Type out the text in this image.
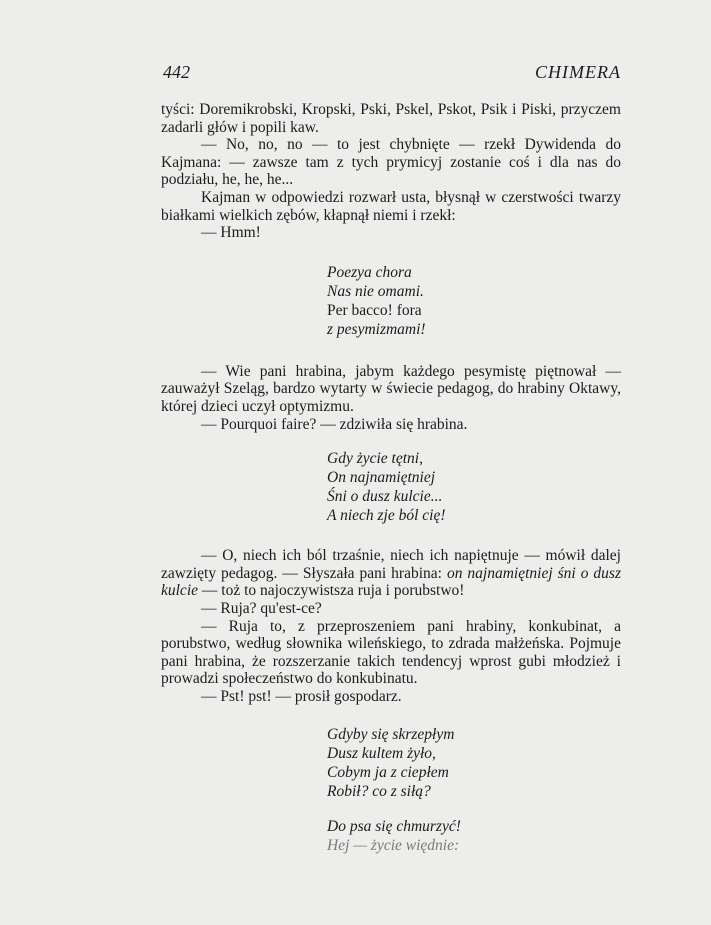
442	CHIMERA

tyści: Doremikrobski, Kropski, Pski, Pskel, Pskot, Psik i Piski, przyczem zadarli głów i popili kaw.

— No, no, no — to jest chybnięte — rzekł Dywidenda do Kajmana: — zawsze tam z tych prymicyj zostanie coś i dla nas do podziału, he, he, he...

Kajman w odpowiedzi rozwarł usta, błysnął w czerstwości twarzy białkami wielkich zębów, kłapnął niemi i rzekł:

— Hmm!

Poezya chora
Nas nie omami.
Per bacco! fora
z pesymizmami!

— Wie pani hrabina, jabym każdego pesymistę piętnował — zauważył Szeląg, bardzo wytarty w świecie pedagog, do hrabiny Oktawy, której dzieci uczył optymizmu.

— Pourquoi faire? — zdziwiła się hrabina.

Gdy życie tętni,
On najnamiętniej
Śni o dusz kulcie...
A niech zje ból cię!

— O, niech ich ból trzaśnie, niech ich napiętnuje — mówił dalej zawzięty pedagog. — Słyszała pani hrabina: on najnamiętniej śni o dusz kulcie — toż to najoczywistsza ruja i porubstwo!

— Ruja? qu'est-ce?

— Ruja to, z przeproszeniem pani hrabiny, konkubinat, a porubstwo, według słownika wileńskiego, to zdrada małżeńska. Pojmuje pani hrabina, że rozszerzanie takich tendencyj wprost gubi młodzież i prowadzi społeczeństwo do konkubinatu.

— Pst! pst! — prosił gospodarz.

Gdyby się skrzepłym
Dusz kultem żyło,
Cobym ja z ciepłem
Robił? co z siłą?
Do psa się chmurzyć!
Hej — życie więdnie:
